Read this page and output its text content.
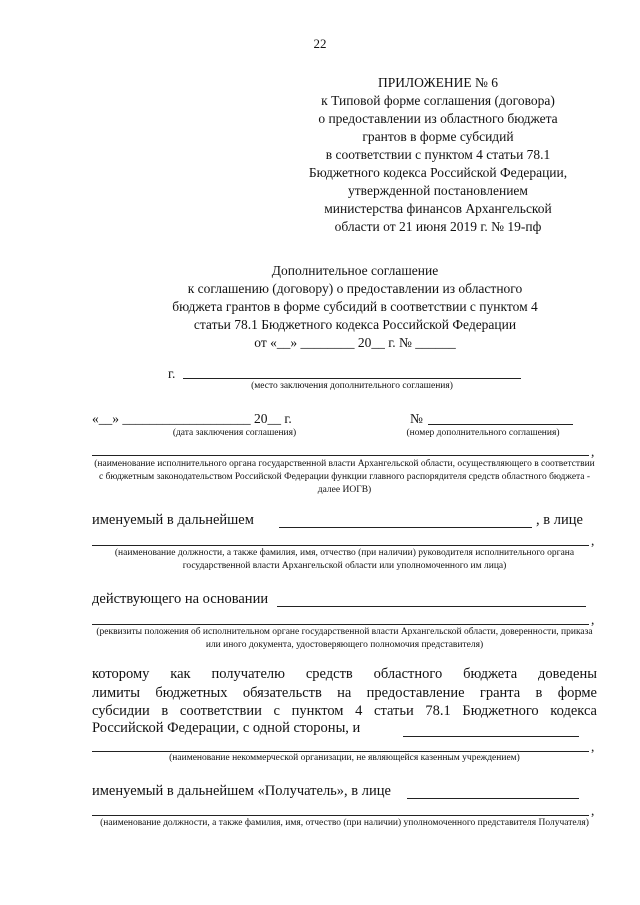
22
ПРИЛОЖЕНИЕ № 6
к Типовой форме соглашения (договора)
о предоставлении из областного бюджета
грантов в форме субсидий
в соответствии с пунктом 4 статьи 78.1
Бюджетного кодекса Российской Федерации,
утвержденной постановлением
министерства финансов Архангельской
области от 21 июня 2019 г. № 19-пф
Дополнительное соглашение
к соглашению (договору) о предоставлении из областного
бюджета грантов в форме субсидий в соответствии с пунктом 4
статьи 78.1 Бюджетного кодекса Российской Федерации
от «__» ________ 20__ г. № ______
г.
(место заключения дополнительного соглашения)
«__» ___________________ 20__ г.
(дата заключения соглашения)
№
(номер дополнительного соглашения)
,
(наименование исполнительного органа государственной власти Архангельской области, осуществляющего в соответствии с бюджетным законодательством Российской Федерации функции главного распорядителя средств областного бюджета - далее ИОГВ)
именуемый в дальнейшем	, в лице
,
(наименование должности, а также фамилия, имя, отчество (при наличии) руководителя исполнительного органа государственной власти Архангельской области или уполномоченного им лица)
действующего на основании
,
(реквизиты положения об исполнительном органе государственной власти Архангельской области, доверенности, приказа или иного документа, удостоверяющего полномочия представителя)
которому как получателю средств областного бюджета доведены
лимиты бюджетных обязательств на предоставление гранта в форме
субсидии в соответствии с пунктом 4 статьи 78.1 Бюджетного кодекса
Российской Федерации, с одной стороны, и
,
(наименование некоммерческой организации, не являющейся казенным учреждением)
именуемый в дальнейшем «Получатель», в лице
,
(наименование должности, а также фамилия, имя, отчество (при наличии) уполномоченного представителя Получателя)
